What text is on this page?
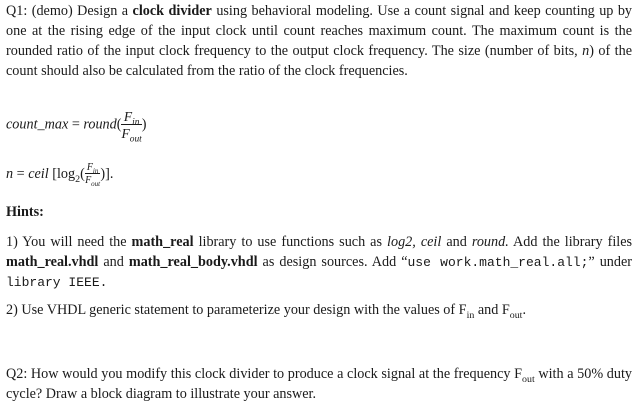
Q1: (demo) Design a clock divider using behavioral modeling. Use a count signal and keep counting up by one at the rising edge of the input clock until count reaches maximum count. The maximum count is the rounded ratio of the input clock frequency to the output clock frequency. The size (number of bits, n) of the count should also be calculated from the ratio of the clock frequencies.
count_max = round( $\frac{F_{in}}{F_{out}}$ )
n = ceil [$\log_2( \frac{F_{in}}{F_{out}}$ )].
Hints:
1) You will need the math_real library to use functions such as log2, ceil and round. Add the library files math_real.vhdl and math_real_body.vhdl as design sources. Add “use work.math_real.all;” under library IEEE.
2) Use VHDL generic statement to parameterize your design with the values of $F_{in}$ and $F_{out}$.
Q2: How would you modify this clock divider to produce a clock signal at the frequency $F_{out}$ with a 50% duty cycle? Draw a block diagram to illustrate your answer.
